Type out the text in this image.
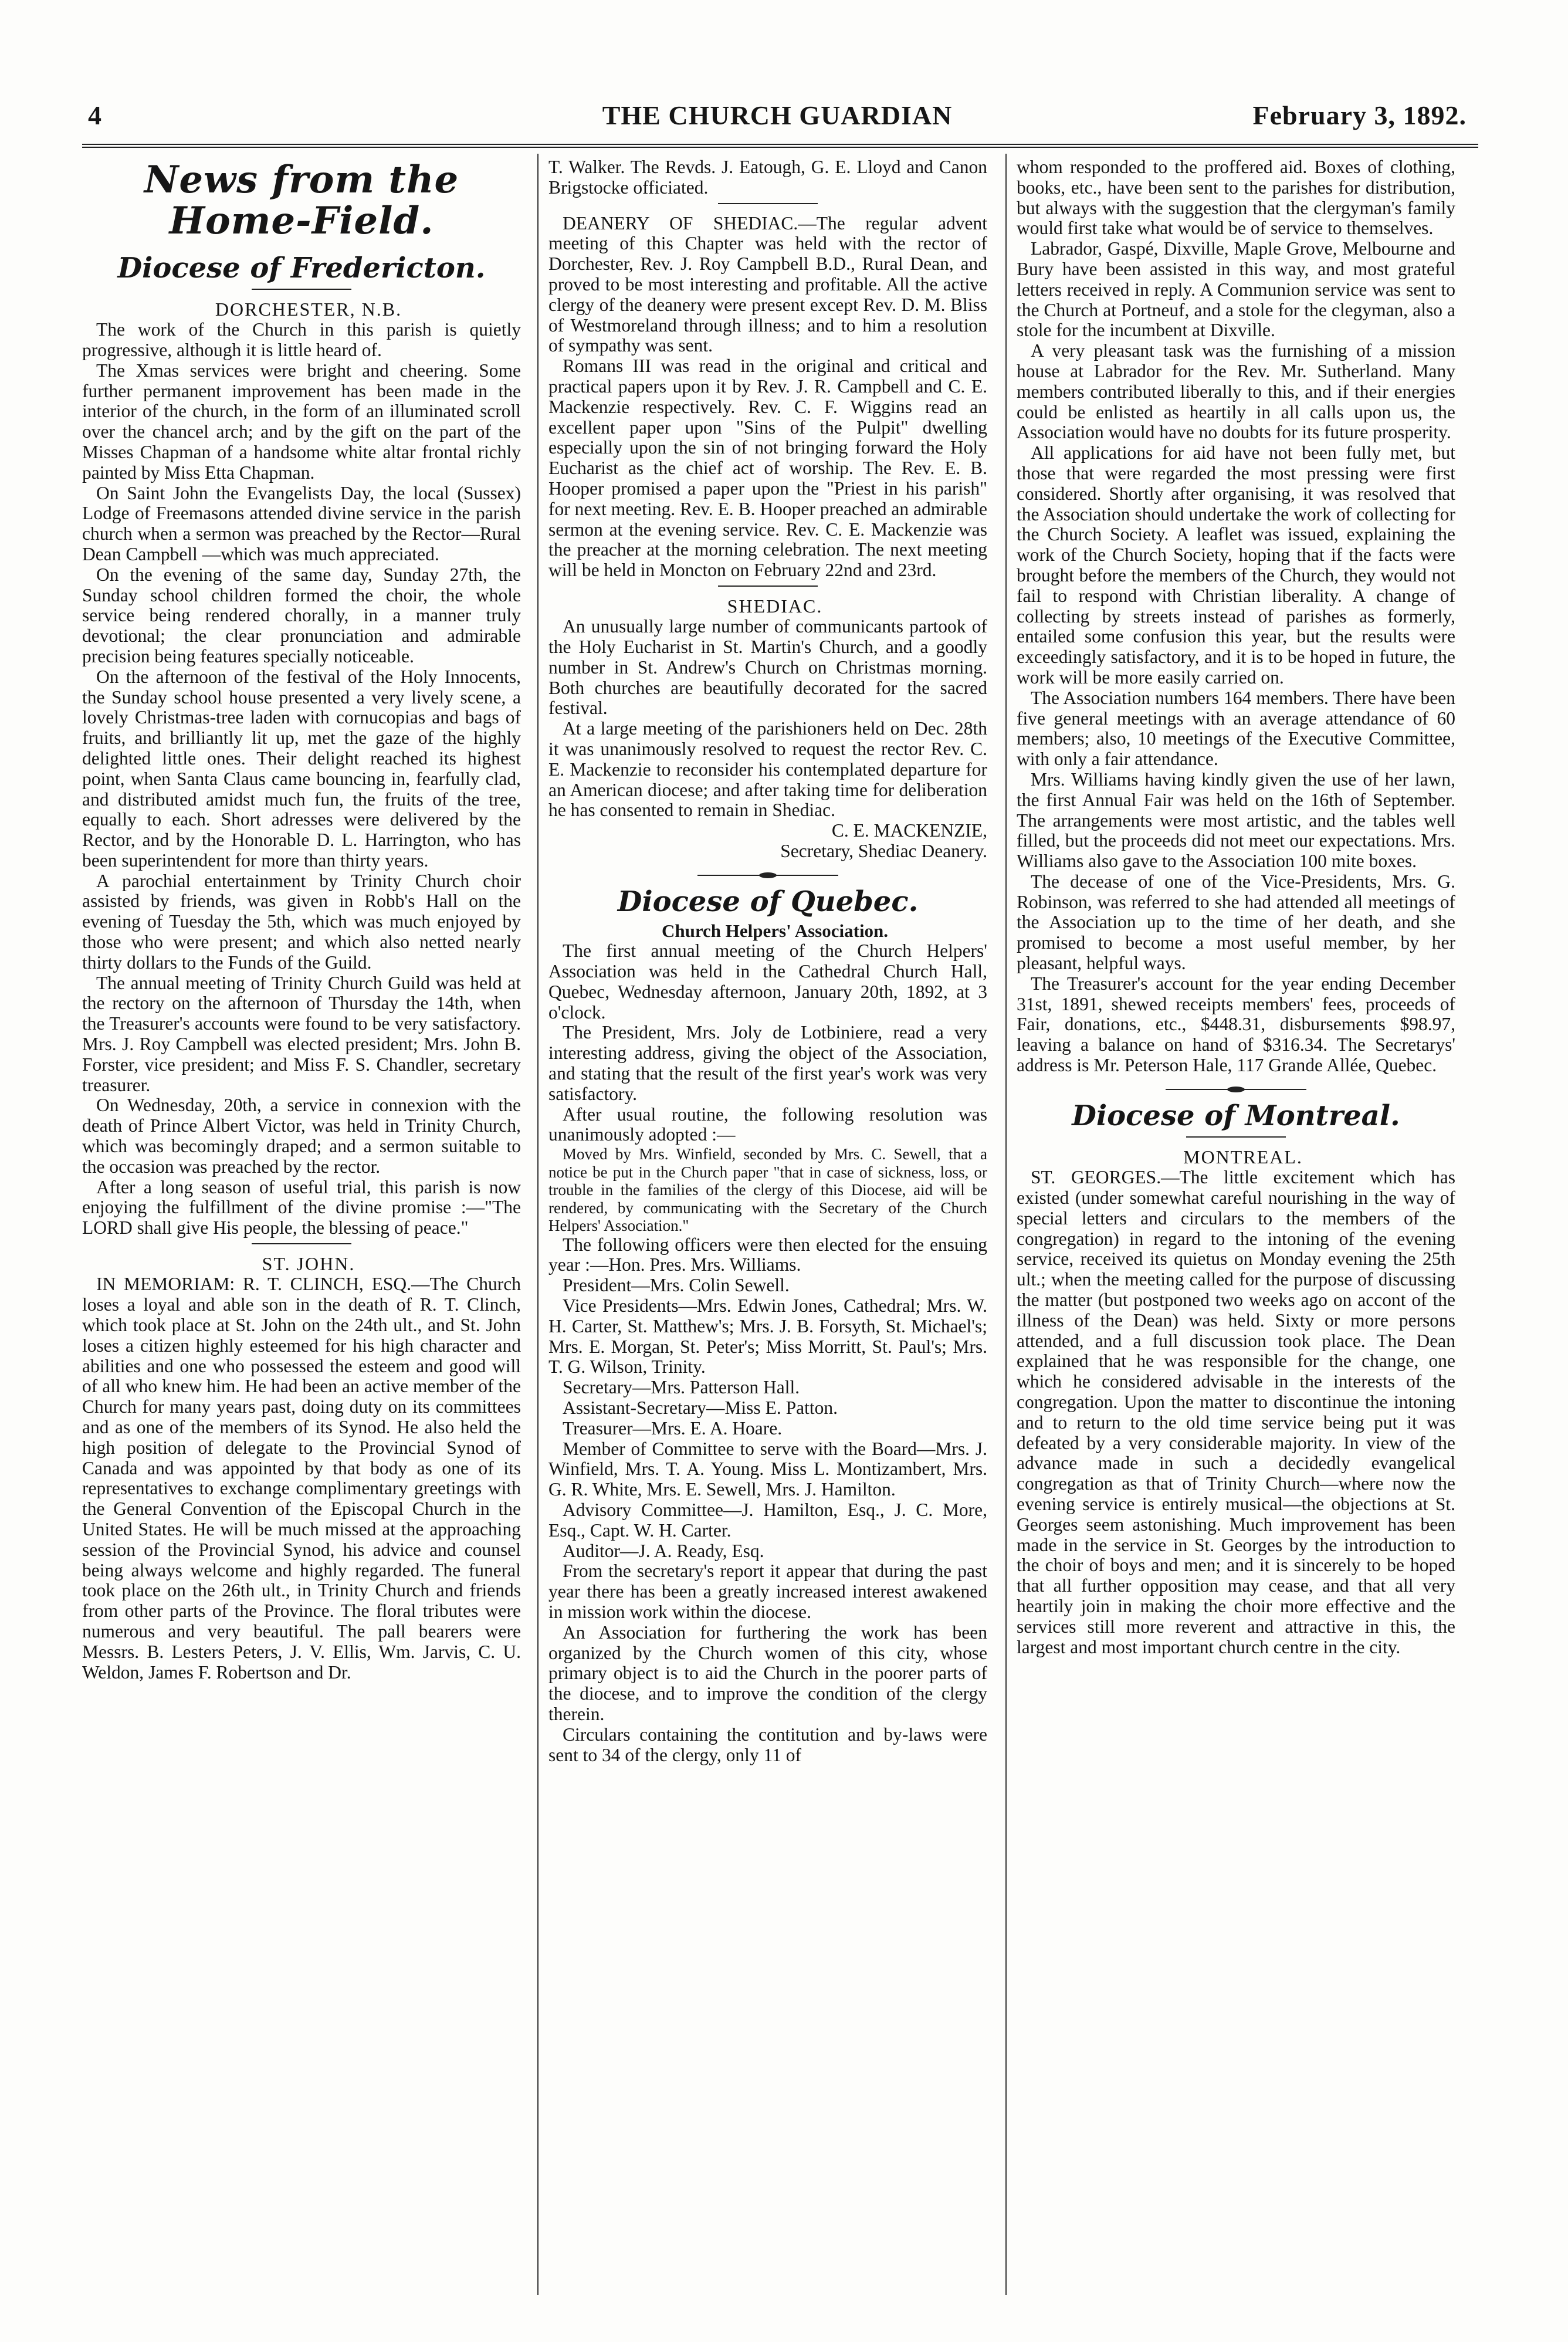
4	THE CHURCH GUARDIAN	February 3, 1892.
News from the Home-Field.
Diocese of Fredericton.

DORCHESTER, N.B.

The work of the Church in this parish is quietly progressive, although it is little heard of.

The Xmas services were bright and cheering. Some further permanent improvement has been made in the interior of the church, in the form of an illuminated scroll over the chancel arch; and by the gift on the part of the Misses Chapman of a handsome white altar frontal richly painted by Miss Etta Chapman.

On Saint John the Evangelists Day, the local (Sussex) Lodge of Freemasons attended divine service in the parish church when a sermon was preached by the Rector—Rural Dean Campbell —which was much appreciated.

On the evening of the same day, Sunday 27th, the Sunday school children formed the choir, the whole service being rendered chorally, in a manner truly devotional; the clear pronunciation and admirable precision being features specially noticeable.

On the afternoon of the festival of the Holy Innocents, the Sunday school house presented a very lively scene, a lovely Christmas-tree laden with cornucopias and bags of fruits, and brilliantly lit up, met the gaze of the highly delighted little ones. Their delight reached its highest point, when Santa Claus came bouncing in, fearfully clad, and distributed amidst much fun, the fruits of the tree, equally to each. Short adresses were delivered by the Rector, and by the Honorable D. L. Harrington, who has been superintendent for more than thirty years.

A parochial entertainment by Trinity Church choir assisted by friends, was given in Robb's Hall on the evening of Tuesday the 5th, which was much enjoyed by those who were present; and which also netted nearly thirty dollars to the Funds of the Guild.

The annual meeting of Trinity Church Guild was held at the rectory on the afternoon of Thursday the 14th, when the Treasurer's accounts were found to be very satisfactory. Mrs. J. Roy Campbell was elected president; Mrs. John B. Forster, vice president; and Miss F. S. Chandler, secretary treasurer.

On Wednesday, 20th, a service in connexion with the death of Prince Albert Victor, was held in Trinity Church, which was becomingly draped; and a sermon suitable to the occasion was preached by the rector.

After a long season of useful trial, this parish is now enjoying the fulfillment of the divine promise :—"The LORD shall give His people, the blessing of peace."

ST. JOHN.

IN MEMORIAM: R. T. CLINCH, ESQ.—The Church loses a loyal and able son in the death of R. T. Clinch, which took place at St. John on the 24th ult., and St. John loses a citizen highly esteemed for his high character and abilities and one who possessed the esteem and good will of all who knew him. He had been an active member of the Church for many years past, doing duty on its committees and as one of the members of its Synod. He also held the high position of delegate to the Provincial Synod of Canada and was appointed by that body as one of its representatives to exchange complimentary greetings with the General Convention of the Episcopal Church in the United States. He will be much missed at the approaching session of the Provincial Synod, his advice and counsel being always welcome and highly regarded. The funeral took place on the 26th ult., in Trinity Church and friends from other parts of the Province. The floral tributes were numerous and very beautiful. The pall bearers were Messrs. B. Lesters Peters, J. V. Ellis, Wm. Jarvis, C. U. Weldon, James F. Robertson and Dr.

T. Walker. The Revds. J. Eatough, G. E. Lloyd and Canon Brigstocke officiated.

DEANERY OF SHEDIAC.—The regular advent meeting of this Chapter was held with the rector of Dorchester, Rev. J. Roy Campbell B.D., Rural Dean, and proved to be most interesting and profitable. All the active clergy of the deanery were present except Rev. D. M. Bliss of Westmoreland through illness; and to him a resolution of sympathy was sent.

Romans III was read in the original and critical and practical papers upon it by Rev. J. R. Campbell and C. E. Mackenzie respectively. Rev. C. F. Wiggins read an excellent paper upon "Sins of the Pulpit" dwelling especially upon the sin of not bringing forward the Holy Eucharist as the chief act of worship. The Rev. E. B. Hooper promised a paper upon the "Priest in his parish" for next meeting. Rev. E. B. Hooper preached an admirable sermon at the evening service. Rev. C. E. Mackenzie was the preacher at the morning celebration. The next meeting will be held in Moncton on February 22nd and 23rd.

SHEDIAC.

An unusually large number of communicants partook of the Holy Eucharist in St. Martin's Church, and a goodly number in St. Andrew's Church on Christmas morning. Both churches are beautifully decorated for the sacred festival.

At a large meeting of the parishioners held on Dec. 28th it was unanimously resolved to request the rector Rev. C. E. Mackenzie to reconsider his contemplated departure for an American diocese; and after taking time for deliberation he has consented to remain in Shediac.

C. E. MACKENZIE,

Secretary, Shediac Deanery.

Diocese of Quebec.

Church Helpers' Association.

The first annual meeting of the Church Helpers' Association was held in the Cathedral Church Hall, Quebec, Wednesday afternoon, January 20th, 1892, at 3 o'clock.

The President, Mrs. Joly de Lotbiniere, read a very interesting address, giving the object of the Association, and stating that the result of the first year's work was very satisfactory.

After usual routine, the following resolution was unanimously adopted :—

Moved by Mrs. Winfield, seconded by Mrs. C. Sewell, that a notice be put in the Church paper "that in case of sickness, loss, or trouble in the families of the clergy of this Diocese, aid will be rendered, by communicating with the Secretary of the Church Helpers' Association."

The following officers were then elected for the ensuing year :—Hon. Pres. Mrs. Williams.

President—Mrs. Colin Sewell.

Vice Presidents—Mrs. Edwin Jones, Cathedral; Mrs. W. H. Carter, St. Matthew's; Mrs. J. B. Forsyth, St. Michael's; Mrs. E. Morgan, St. Peter's; Miss Morritt, St. Paul's; Mrs. T. G. Wilson, Trinity.

Secretary—Mrs. Patterson Hall.

Assistant-Secretary—Miss E. Patton.

Treasurer—Mrs. E. A. Hoare.

Member of Committee to serve with the Board—Mrs. J. Winfield, Mrs. T. A. Young. Miss L. Montizambert, Mrs. G. R. White, Mrs. E. Sewell, Mrs. J. Hamilton.

Advisory Committee—J. Hamilton, Esq., J. C. More, Esq., Capt. W. H. Carter.

Auditor—J. A. Ready, Esq.

From the secretary's report it appear that during the past year there has been a greatly increased interest awakened in mission work within the diocese.

An Association for furthering the work has been organized by the Church women of this city, whose primary object is to aid the Church in the poorer parts of the diocese, and to improve the condition of the clergy therein.

Circulars containing the contitution and by-laws were sent to 34 of the clergy, only 11 of

whom responded to the proffered aid. Boxes of clothing, books, etc., have been sent to the parishes for distribution, but always with the suggestion that the clergyman's family would first take what would be of service to themselves.

Labrador, Gaspé, Dixville, Maple Grove, Melbourne and Bury have been assisted in this way, and most grateful letters received in reply. A Communion service was sent to the Church at Portneuf, and a stole for the clegyman, also a stole for the incumbent at Dixville.

A very pleasant task was the furnishing of a mission house at Labrador for the Rev. Mr. Sutherland. Many members contributed liberally to this, and if their energies could be enlisted as heartily in all calls upon us, the Association would have no doubts for its future prosperity.

All applications for aid have not been fully met, but those that were regarded the most pressing were first considered. Shortly after organising, it was resolved that the Association should undertake the work of collecting for the Church Society. A leaflet was issued, explaining the work of the Church Society, hoping that if the facts were brought before the members of the Church, they would not fail to respond with Christian liberality. A change of collecting by streets instead of parishes as formerly, entailed some confusion this year, but the results were exceedingly satisfactory, and it is to be hoped in future, the work will be more easily carried on.

The Association numbers 164 members. There have been five general meetings with an average attendance of 60 members; also, 10 meetings of the Executive Committee, with only a fair attendance.

Mrs. Williams having kindly given the use of her lawn, the first Annual Fair was held on the 16th of September. The arrangements were most artistic, and the tables well filled, but the proceeds did not meet our expectations. Mrs. Williams also gave to the Association 100 mite boxes.

The decease of one of the Vice-Presidents, Mrs. G. Robinson, was referred to she had attended all meetings of the Association up to the time of her death, and she promised to become a most useful member, by her pleasant, helpful ways.

The Treasurer's account for the year ending December 31st, 1891, shewed receipts members' fees, proceeds of Fair, donations, etc., $448.31, disbursements $98.97, leaving a balance on hand of $316.34. The Secretarys' address is Mr. Peterson Hale, 117 Grande Allée, Quebec.

Diocese of Montreal.

MONTREAL.

ST. GEORGES.—The little excitement which has existed (under somewhat careful nourishing in the way of special letters and circulars to the members of the congregation) in regard to the intoning of the evening service, received its quietus on Monday evening the 25th ult.; when the meeting called for the purpose of discussing the matter (but postponed two weeks ago on accont of the illness of the Dean) was held. Sixty or more persons attended, and a full discussion took place. The Dean explained that he was responsible for the change, one which he considered advisable in the interests of the congregation. Upon the matter to discontinue the intoning and to return to the old time service being put it was defeated by a very considerable majority. In view of the advance made in such a decidedly evangelical congregation as that of Trinity Church—where now the evening service is entirely musical—the objections at St. Georges seem astonishing. Much improvement has been made in the service in St. Georges by the introduction to the choir of boys and men; and it is sincerely to be hoped that all further opposition may cease, and that all very heartily join in making the choir more effective and the services still more reverent and attractive in this, the largest and most important church centre in the city.
